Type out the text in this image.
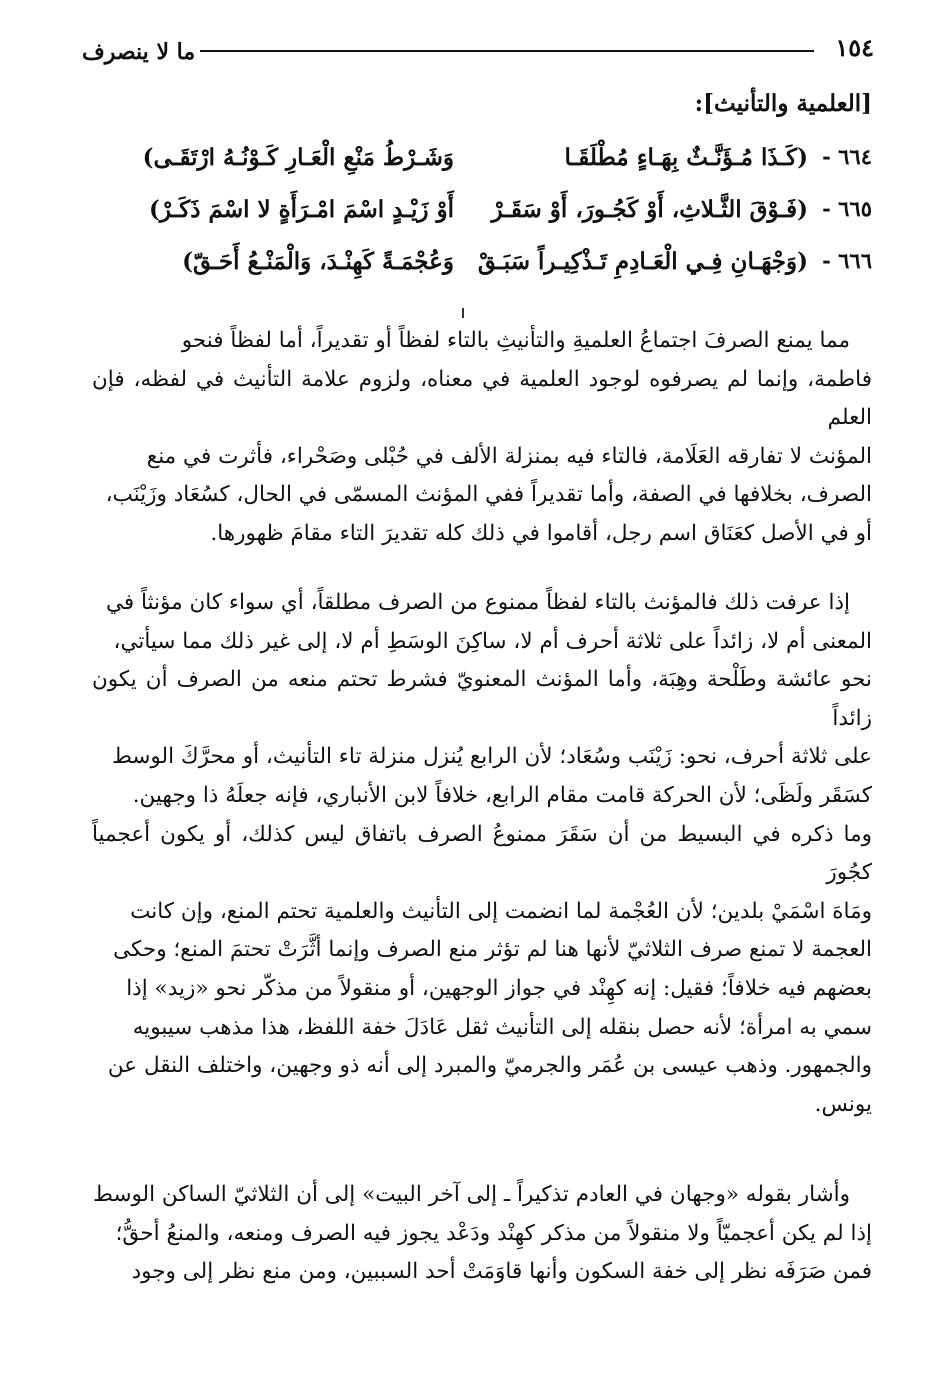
١٥٤
ما لا ينصرف
[العلمية والتأنيث]:
٦٦٤ -
(كَـذَا مُـؤَنَّـثٌ بِهَـاءٍ مُطْلَقَـا
وَشَـرْطُ مَنْعِ الْعَـارِ كَـوْنُـهُ ارْتَقَـى)
٦٦٥ -
(فَـوْقَ الثَّـلاثِ، أَوْ كَجُـورَ، أَوْ سَقَـرْ
أَوْ زَيْـدٍ اسْمَ امْـرَأَةٍ لا اسْمَ ذَكَـرْ)
٦٦٦ -
(وَجْهَـانِ فِـي الْعَـادِمِ تَـذْكِيـراً سَبَـقْ
وَعُجْمَـةً كَهِنْـدَ، وَالْمَنْـعُ أَحَـقّ)
مما يمنع الصرفَ اجتماعُ العلميةِ والتأنيثِ بالتاء لفظاً أو تقديراً، أما لفظاً فنحو
فاطمة، وإنما لم يصرفوه لوجود العلمية في معناه، ولزوم علامة التأنيث في لفظه، فإن العلم
المؤنث لا تفارقه العَلَامة، فالتاء فيه بمنزلة الألف في حُبْلى وصَحْراء، فأثرت في منع
الصرف، بخلافها في الصفة، وأما تقديراً ففي المؤنث المسمّى في الحال، كسُعَاد وزَيْنَب،
أو في الأصل كعَنَاق اسم رجل، أقاموا في ذلك كله تقديرَ التاء مقامَ ظهورها.
إذا عرفت ذلك فالمؤنث بالتاء لفظاً ممنوع من الصرف مطلقاً، أي سواء كان مؤنثاً في
المعنى أم لا، زائداً على ثلاثة أحرف أم لا، ساكِنَ الوسَطِ أم لا، إلى غير ذلك مما سيأتي،
نحو عائشة وطَلْحة وهِبَة، وأما المؤنث المعنويّ فشرط تحتم منعه من الصرف أن يكون زائداً
على ثلاثة أحرف، نحو: زَيْنَب وسُعَاد؛ لأن الرابع يُنزل منزلة تاء التأنيث، أو محرَّكَ الوسط
كسَقَر ولَظَى؛ لأن الحركة قامت مقام الرابع، خلافاً لابن الأنباري، فإنه جعلَهُ ذا وجهين.
وما ذكره في البسيط من أن سَقَرَ ممنوعُ الصرف باتفاق ليس كذلك، أو يكون أعجمياً كجُورَ
ومَاهَ اسْمَيْ بلدين؛ لأن العُجْمة لما انضمت إلى التأنيث والعلمية تحتم المنع، وإن كانت
العجمة لا تمنع صرف الثلاثيّ لأنها هنا لم تؤثر منع الصرف وإنما أثَّرَتْ تحتمَ المنع؛ وحكى
بعضهم فيه خلافاً؛ فقيل: إنه كهِنْد في جواز الوجهين، أو منقولاً من مذكّر نحو «زيد» إذا
سمي به امرأة؛ لأنه حصل بنقله إلى التأنيث ثقل عَادَلَ خفة اللفظ، هذا مذهب سيبويه
والجمهور. وذهب عيسى بن عُمَر والجرميّ والمبرد إلى أنه ذو وجهين، واختلف النقل عن
يونس.
وأشار بقوله «وجهان في العادم تذكيراً ـ إلى آخر البيت» إلى أن الثلاثيّ الساكن الوسط
إذا لم يكن أعجميّاً ولا منقولاً من مذكر كهِنْد ودَعْد يجوز فيه الصرف ومنعه، والمنعُ أحقُّ؛
فمن صَرَفَه نظر إلى خفة السكون وأنها قاوَمَتْ أحد السببين، ومن منع نظر إلى وجود
